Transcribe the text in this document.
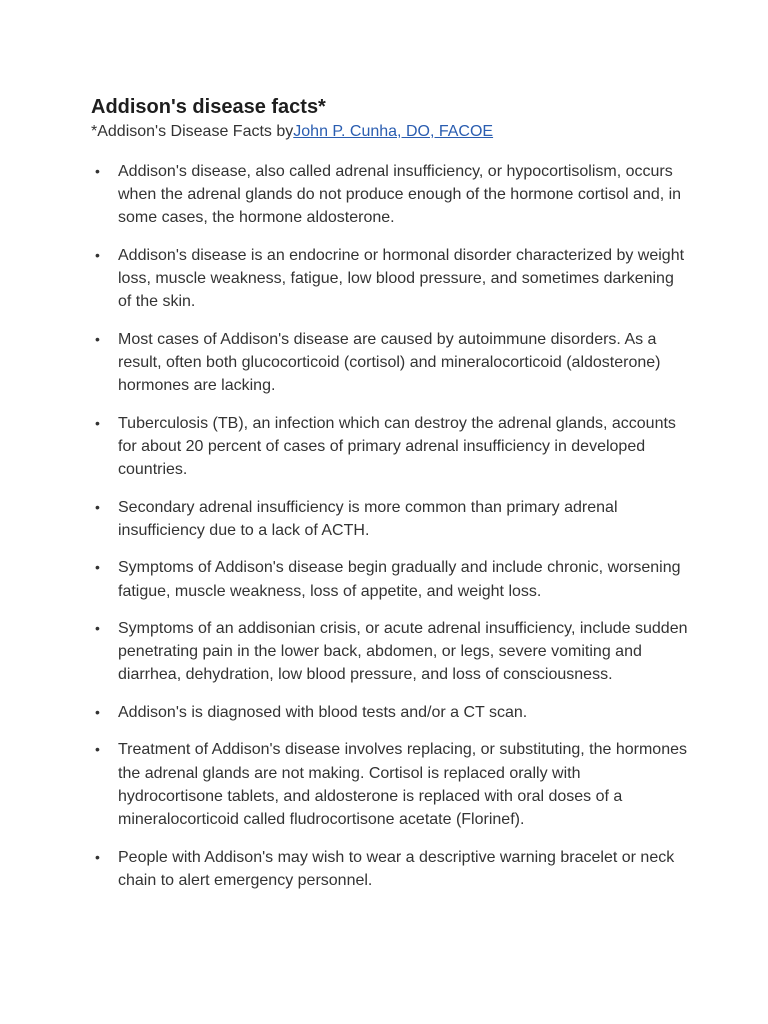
Addison's disease facts*
*Addison's Disease Facts byJohn P. Cunha, DO, FACOE
• Addison's disease, also called adrenal insufficiency, or hypocortisolism, occurs when the adrenal glands do not produce enough of the hormone cortisol and, in some cases, the hormone aldosterone.
• Addison's disease is an endocrine or hormonal disorder characterized by weight loss, muscle weakness, fatigue, low blood pressure, and sometimes darkening of the skin.
• Most cases of Addison's disease are caused by autoimmune disorders. As a result, often both glucocorticoid (cortisol) and mineralocorticoid (aldosterone) hormones are lacking.
• Tuberculosis (TB), an infection which can destroy the adrenal glands, accounts for about 20 percent of cases of primary adrenal insufficiency in developed countries.
• Secondary adrenal insufficiency is more common than primary adrenal insufficiency due to a lack of ACTH.
• Symptoms of Addison's disease begin gradually and include chronic, worsening fatigue, muscle weakness, loss of appetite, and weight loss.
• Symptoms of an addisonian crisis, or acute adrenal insufficiency, include sudden penetrating pain in the lower back, abdomen, or legs, severe vomiting and diarrhea, dehydration, low blood pressure, and loss of consciousness.
• Addison's is diagnosed with blood tests and/or a CT scan.
• Treatment of Addison's disease involves replacing, or substituting, the hormones the adrenal glands are not making. Cortisol is replaced orally with hydrocortisone tablets, and aldosterone is replaced with oral doses of a mineralocorticoid called fludrocortisone acetate (Florinef).
• People with Addison's may wish to wear a descriptive warning bracelet or neck chain to alert emergency personnel.
